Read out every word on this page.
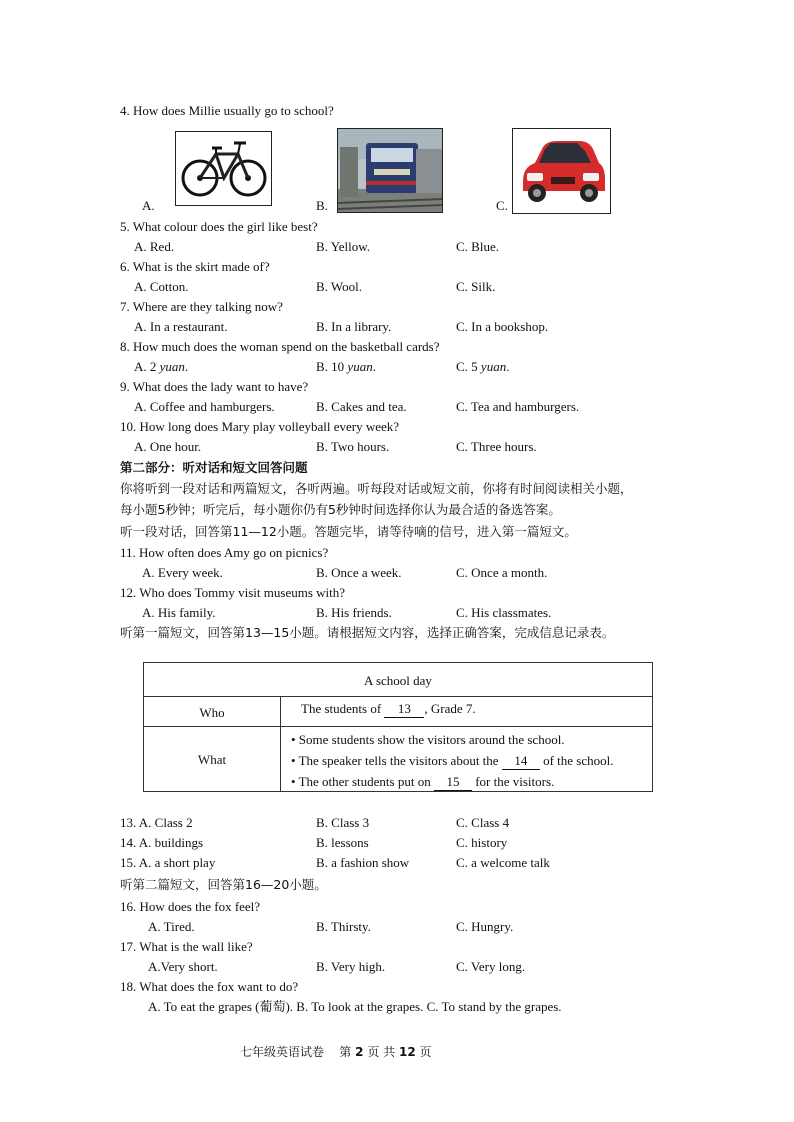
4. How does Millie usually go to school?
A.	B.	C.
5. What colour does the girl like best?
A. Red.	B. Yellow.	C. Blue.
6. What is the skirt made of?
A. Cotton.	B. Wool.	C. Silk.
7. Where are they talking now?
A. In a restaurant.	B. In a library.	C. In a bookshop.
8. How much does the woman spend on the basketball cards?
A. 2 yuan.	B. 10 yuan.	C. 5 yuan.
9. What does the lady want to have?
A. Coffee and hamburgers.	B. Cakes and tea.	C. Tea and hamburgers.
10. How long does Mary play volleyball every week?
A. One hour.	B. Two hours.	C. Three hours.
第二部分：听对话和短文回答问题
你将听到一段对话和两篇短文，各听两遍。听每段对话或短文前，你将有时间阅读相关小题，
每小题5秒钟；听完后，每小题你仍有5秒钟时间选择你认为最合适的备选答案。
听一段对话，回答第11—12小题。答题完毕，请等待嘀的信号，进入第一篇短文。
11. How often does Amy go on picnics?
A. Every week.	B. Once a week.	C. Once a month.
12. Who does Tommy visit museums with?
A. His family.	B. His friends.	C. His classmates.
听第一篇短文，回答第13—15小题。请根据短文内容，选择正确答案，完成信息记录表。
A school day
Who	The students of 13 , Grade 7.
What
• Some students show the visitors around the school.
• The speaker tells the visitors about the 14 of the school.
• The other students put on 15 for the visitors.
13. A. Class 2	B. Class 3	C. Class 4
14. A. buildings	B. lessons	C. history
15. A. a short play	B. a fashion show	C. a welcome talk
听第二篇短文，回答第16—20小题。
16. How does the fox feel?
A. Tired.	B. Thirsty.	C. Hungry.
17. What is the wall like?
A.Very short.	B. Very high.	C. Very long.
18. What does the fox want to do?
A. To eat the grapes (葡萄). B. To look at the grapes. C. To stand by the grapes.
七年级英语试卷 第 2 页 共 12 页
